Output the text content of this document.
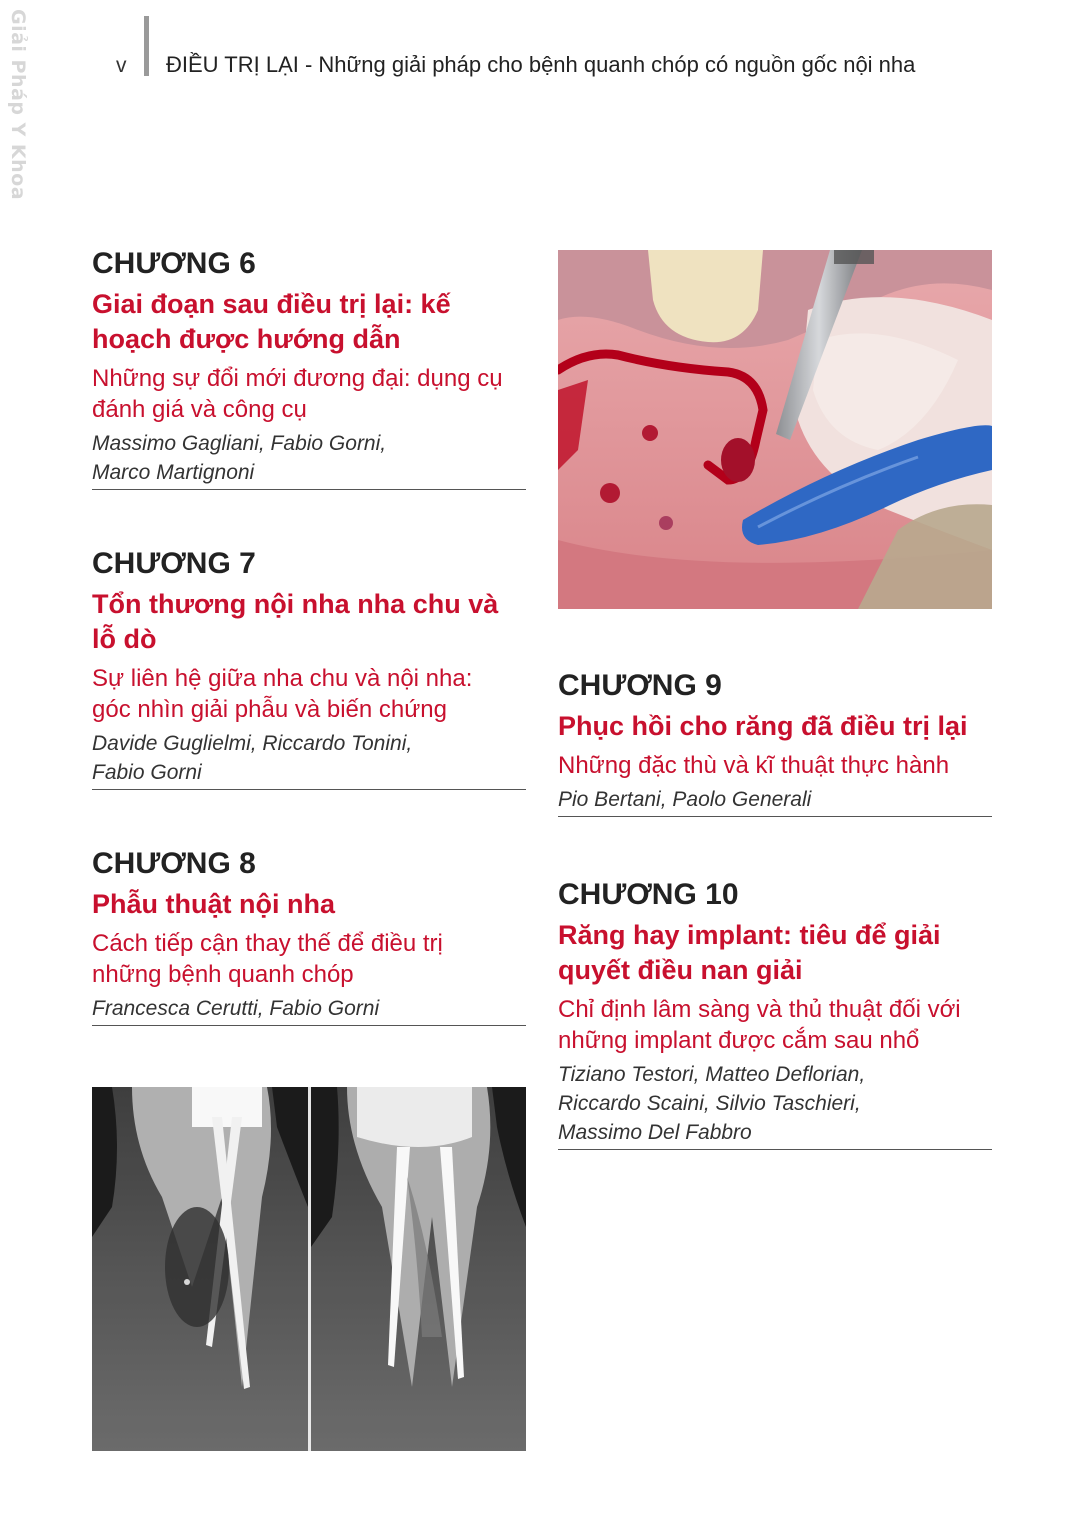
Giải Pháp Y Khoa	v ĐIỀU TRỊ LẠI - Những giải pháp cho bệnh quanh chóp có nguồn gốc nội nha
CHƯƠNG 6
Giai đoạn sau điều trị lại: kế
hoạch được hướng dẫn
Những sự đổi mới đương đại: dụng cụ
đánh giá và công cụ
Massimo Gagliani, Fabio Gorni,
Marco Martignoni
CHƯƠNG 7
Tổn thương nội nha nha chu và
lỗ dò
Sự liên hệ giữa nha chu và nội nha:
góc nhìn giải phẫu và biến chứng
Davide Guglielmi, Riccardo Tonini,
Fabio Gorni
CHƯƠNG 8
Phẫu thuật nội nha
Cách tiếp cận thay thế để điều trị
những bệnh quanh chóp
Francesca Cerutti, Fabio Gorni
CHƯƠNG 9
Phục hồi cho răng đã điều trị lại
Những đặc thù và kĩ thuật thực hành
Pio Bertani, Paolo Generali
CHƯƠNG 10
Răng hay implant: tiêu để giải
quyết điều nan giải
Chỉ định lâm sàng và thủ thuật đối với
những implant được cắm sau nhổ
Tiziano Testori, Matteo Deflorian,
Riccardo Scaini, Silvio Taschieri,
Massimo Del Fabbro
